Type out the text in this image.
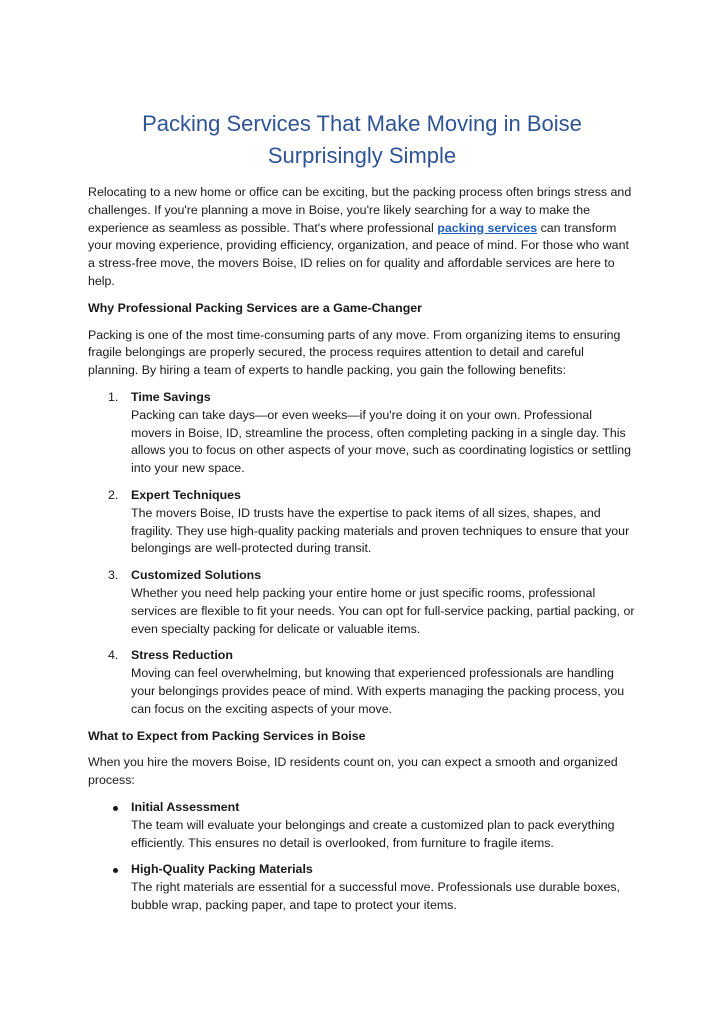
Packing Services That Make Moving in Boise Surprisingly Simple

Relocating to a new home or office can be exciting, but the packing process often brings stress and challenges. If you're planning a move in Boise, you're likely searching for a way to make the experience as seamless as possible. That's where professional packing services can transform your moving experience, providing efficiency, organization, and peace of mind. For those who want a stress-free move, the movers Boise, ID relies on for quality and affordable services are here to help.

Why Professional Packing Services are a Game-Changer

Packing is one of the most time-consuming parts of any move. From organizing items to ensuring fragile belongings are properly secured, the process requires attention to detail and careful planning. By hiring a team of experts to handle packing, you gain the following benefits:

1. Time Savings
Packing can take days—or even weeks—if you're doing it on your own. Professional movers in Boise, ID, streamline the process, often completing packing in a single day. This allows you to focus on other aspects of your move, such as coordinating logistics or settling into your new space.
2. Expert Techniques
The movers Boise, ID trusts have the expertise to pack items of all sizes, shapes, and fragility. They use high-quality packing materials and proven techniques to ensure that your belongings are well-protected during transit.
3. Customized Solutions
Whether you need help packing your entire home or just specific rooms, professional services are flexible to fit your needs. You can opt for full-service packing, partial packing, or even specialty packing for delicate or valuable items.
4. Stress Reduction
Moving can feel overwhelming, but knowing that experienced professionals are handling your belongings provides peace of mind. With experts managing the packing process, you can focus on the exciting aspects of your move.

What to Expect from Packing Services in Boise

When you hire the movers Boise, ID residents count on, you can expect a smooth and organized process:

Initial Assessment
The team will evaluate your belongings and create a customized plan to pack everything efficiently. This ensures no detail is overlooked, from furniture to fragile items.
High-Quality Packing Materials
The right materials are essential for a successful move. Professionals use durable boxes, bubble wrap, packing paper, and tape to protect your items.
